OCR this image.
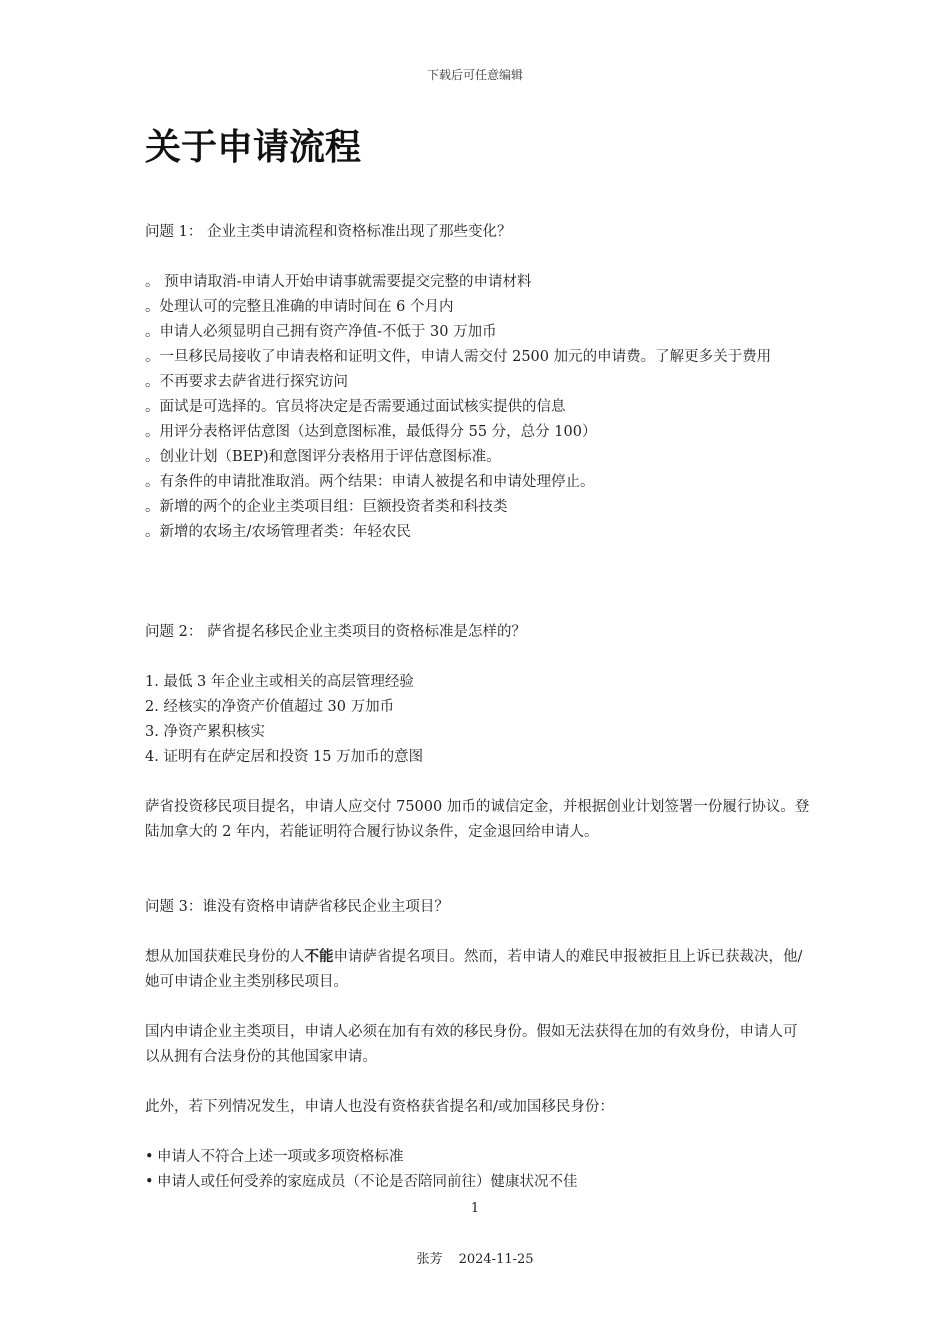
下载后可任意编辑
关于申请流程

问题 1： 企业主类申请流程和资格标准出现了那些变化？

。 预申请取消-申请人开始申请事就需要提交完整的申请材料

。处理认可的完整且准确的申请时间在 6 个月内

。申请人必须显明自己拥有资产净值-不低于 30 万加币

。一旦移民局接收了申请表格和证明文件，申请人需交付 2500 加元的申请费。了解更多关于费用

。不再要求去萨省进行探究访问

。面试是可选择的。官员将决定是否需要通过面试核实提供的信息

。用评分表格评估意图（达到意图标准，最低得分 55 分，总分 100）

。创业计划（BEP)和意图评分表格用于评估意图标准。

。有条件的申请批准取消。两个结果：申请人被提名和申请处理停止。

。新增的两个的企业主类项目组：巨额投资者类和科技类

。新增的农场主/农场管理者类：年轻农民

问题 2： 萨省提名移民企业主类项目的资格标准是怎样的？

1. 最低 3 年企业主或相关的高层管理经验

2. 经核实的净资产价值超过 30 万加币

3. 净资产累积核实

4. 证明有在萨定居和投资 15 万加币的意图

萨省投资移民项目提名，申请人应交付 75000 加币的诚信定金，并根据创业计划签署一份履行协议。登陆加拿大的 2 年内，若能证明符合履行协议条件，定金退回给申请人。

问题 3：谁没有资格申请萨省移民企业主项目？

想从加国获难民身份的人不能申请萨省提名项目。然而，若申请人的难民申报被拒且上诉已获裁决，他/她可申请企业主类别移民项目。

国内申请企业主类项目，申请人必须在加有有效的移民身份。假如无法获得在加的有效身份，申请人可以从拥有合法身份的其他国家申请。

此外，若下列情况发生，申请人也没有资格获省提名和/或加国移民身份：

• 申请人不符合上述一项或多项资格标准
• 申请人或任何受养的家庭成员（不论是否陪同前往）健康状况不佳
1
张芳 2024-11-25
